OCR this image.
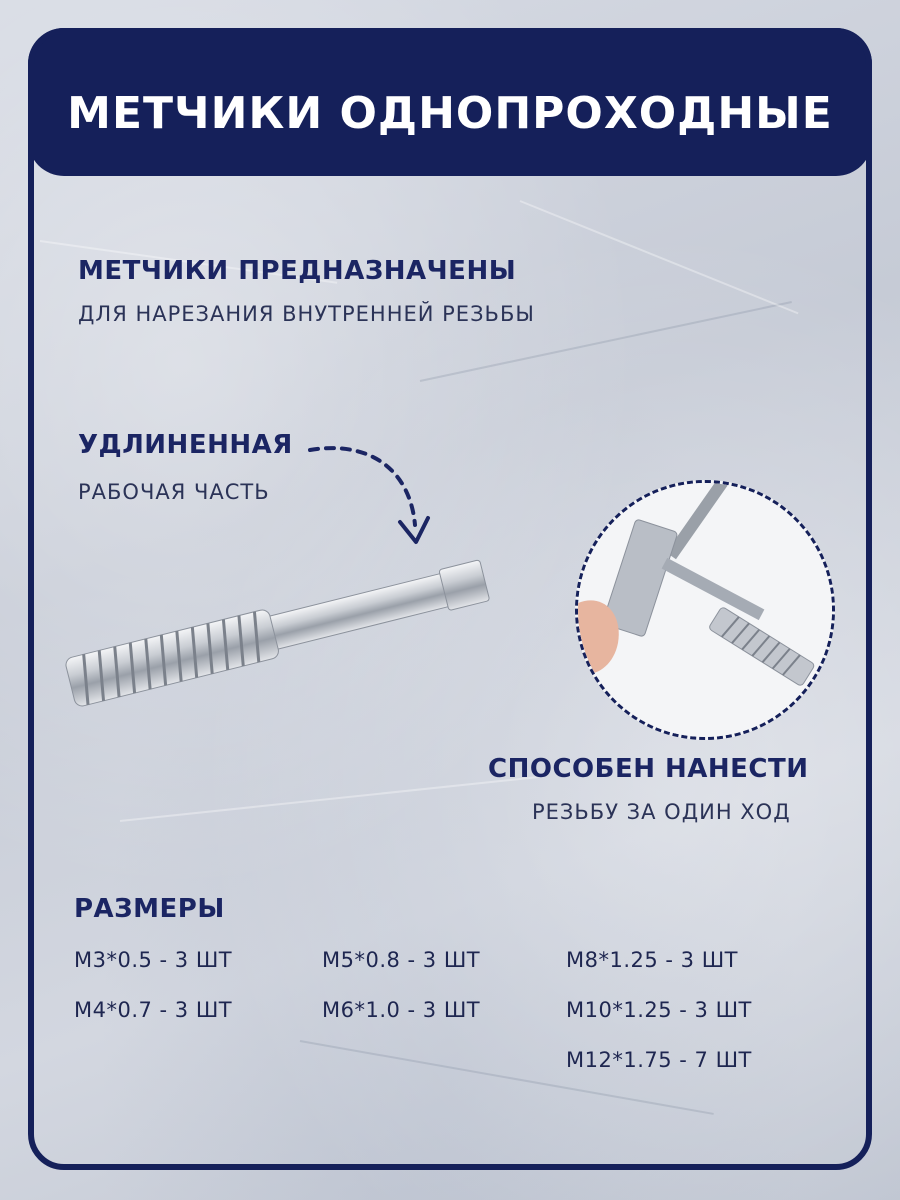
МЕТЧИКИ ОДНОПРОХОДНЫЕ
МЕТЧИКИ ПРЕДНАЗНАЧЕНЫ
ДЛЯ НАРЕЗАНИЯ ВНУТРЕННЕЙ РЕЗЬБЫ
УДЛИНЕННАЯ
РАБОЧАЯ ЧАСТЬ
СПОСОБЕН НАНЕСТИ
РЕЗЬБУ ЗА ОДИН ХОД
РАЗМЕРЫ
М3*0.5 - 3 ШТ
М4*0.7 - 3 ШТ
М5*0.8 - 3 ШТ
М6*1.0 - 3 ШТ
М8*1.25 - 3 ШТ
М10*1.25 - 3 ШТ
М12*1.75 - 7 ШТ
